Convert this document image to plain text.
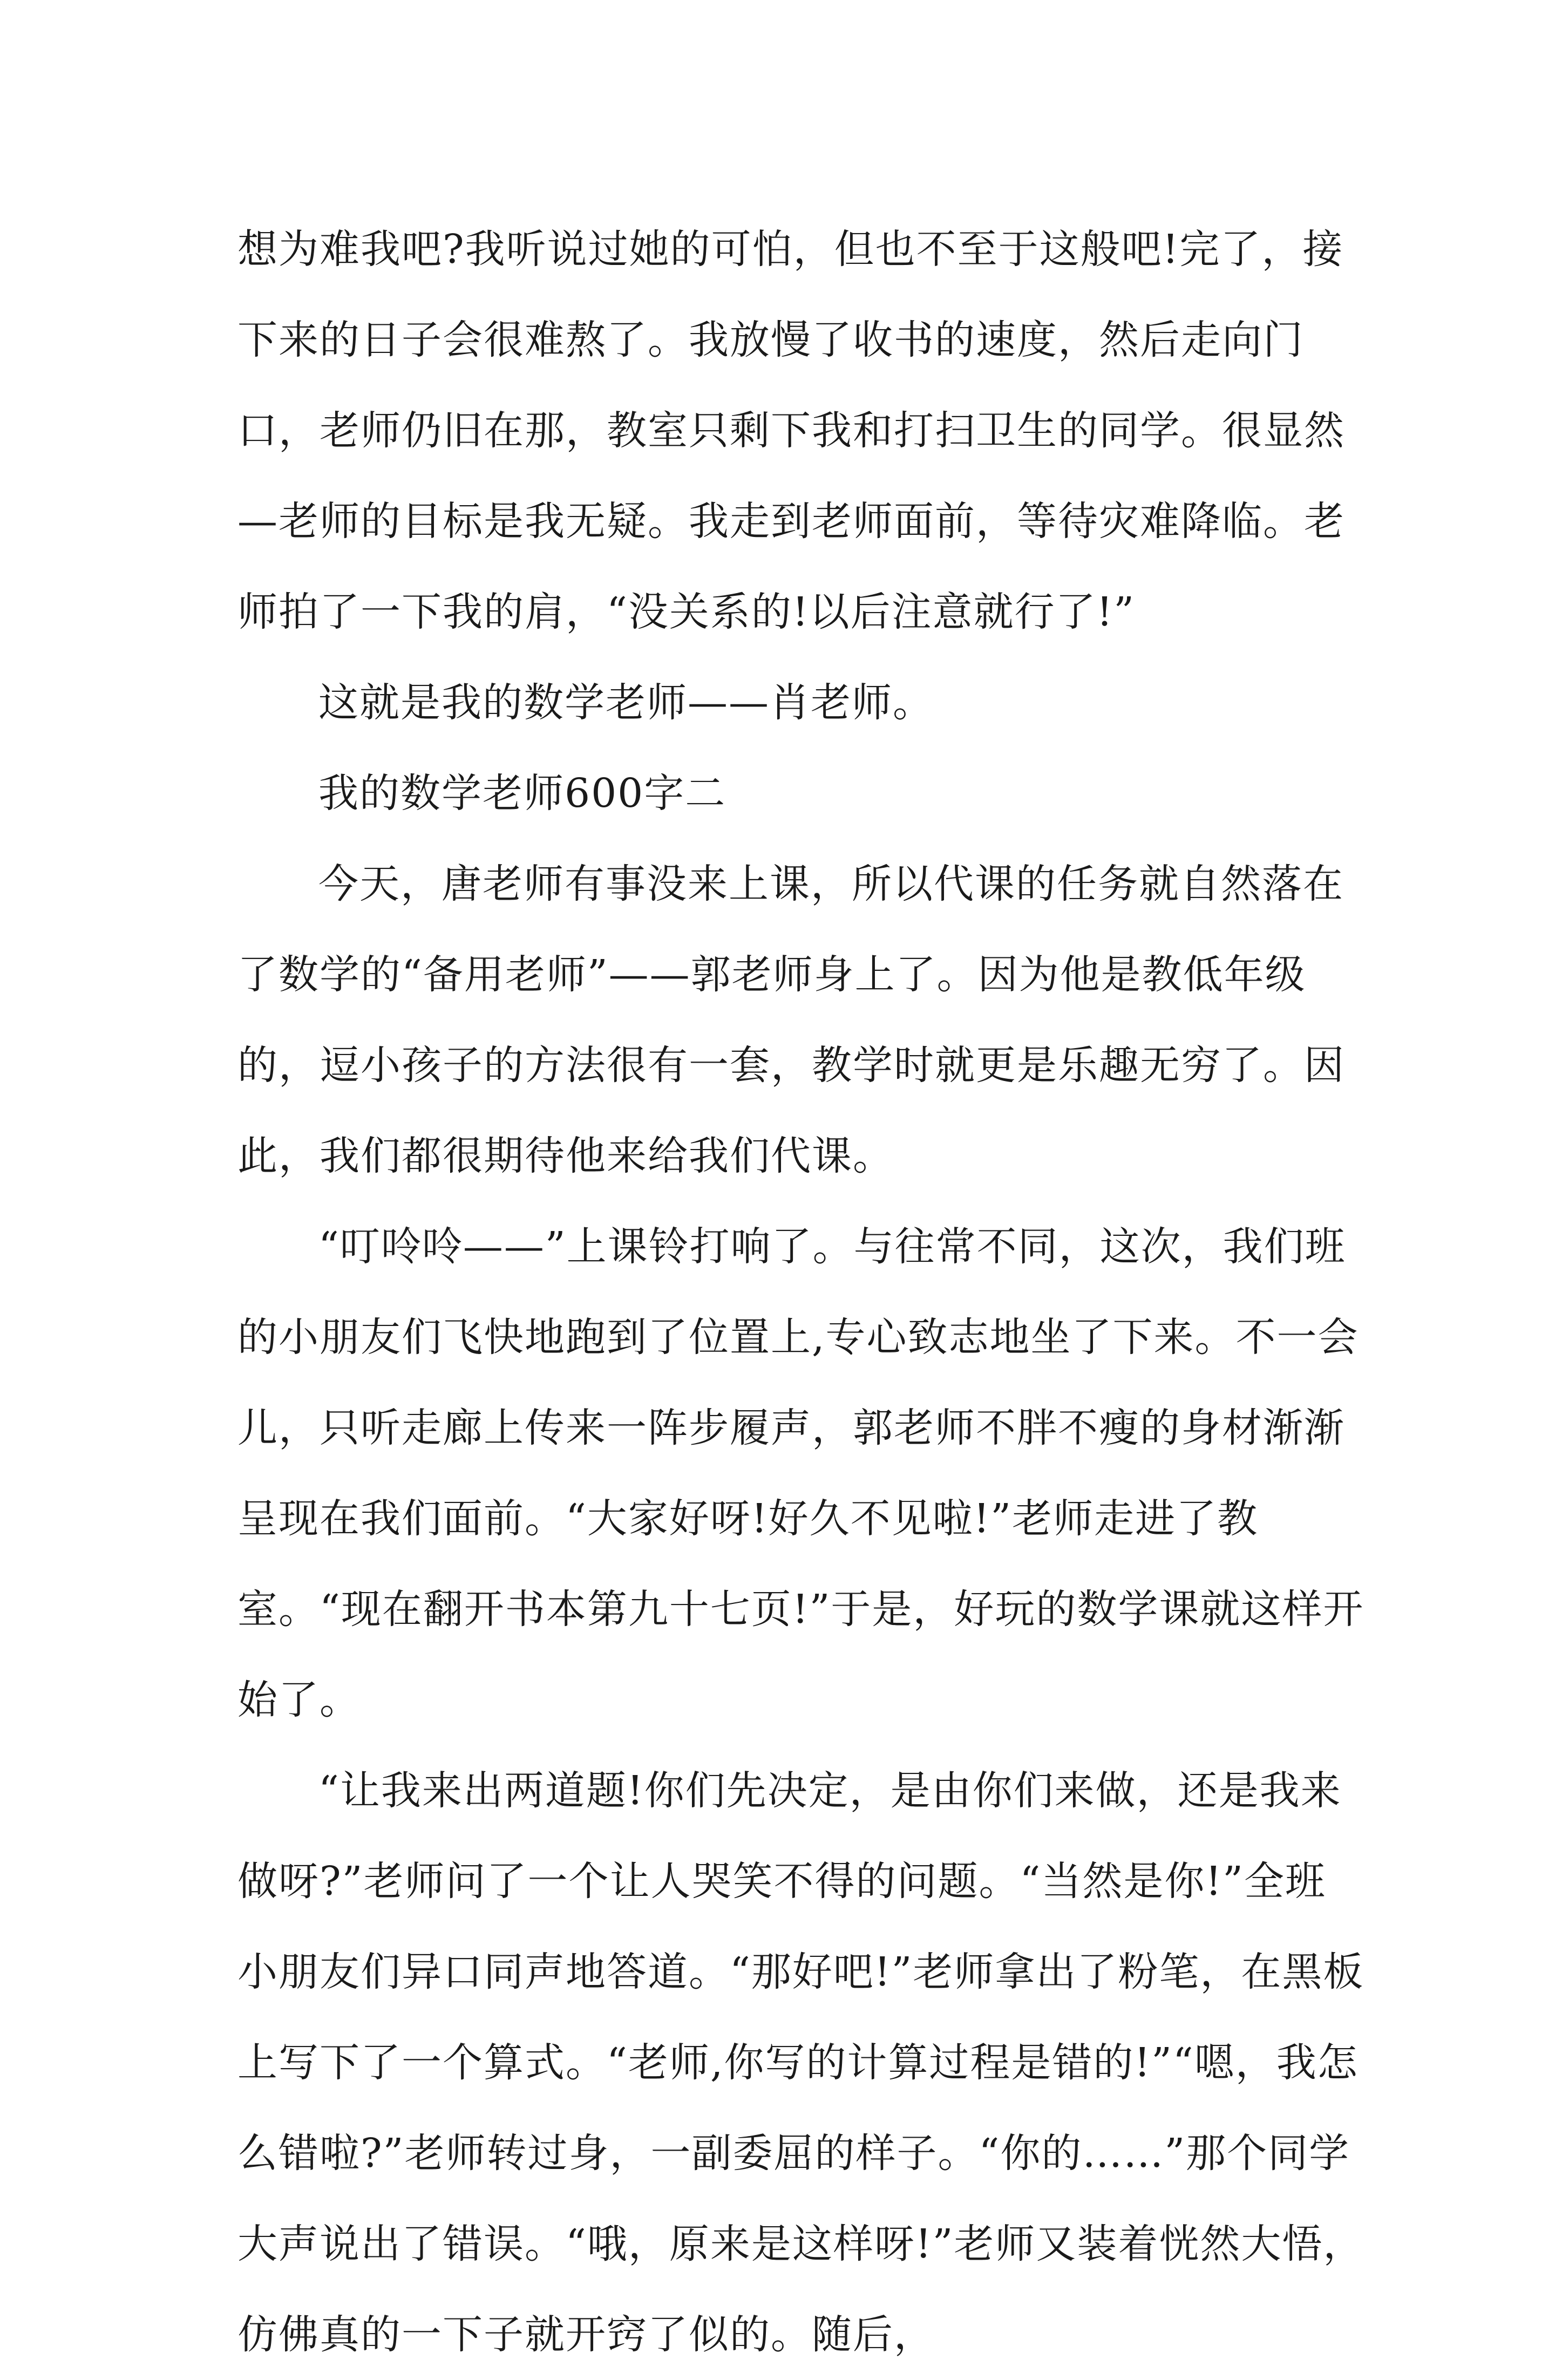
想为难我吧?我听说过她的可怕，但也不至于这般吧!完了，接下来的日子会很难熬了。我放慢了收书的速度，然后走向门口，老师仍旧在那，教室只剩下我和打扫卫生的同学。很显然—老师的目标是我无疑。我走到老师面前，等待灾难降临。老师拍了一下我的肩，“没关系的!以后注意就行了!”

这就是我的数学老师——肖老师。

我的数学老师600字二

今天，唐老师有事没来上课，所以代课的任务就自然落在了数学的“备用老师”——郭老师身上了。因为他是教低年级的，逗小孩子的方法很有一套，教学时就更是乐趣无穷了。因此，我们都很期待他来给我们代课。

“叮呤呤——”上课铃打响了。与往常不同，这次，我们班的小朋友们飞快地跑到了位置上,专心致志地坐了下来。不一会儿，只听走廊上传来一阵步履声，郭老师不胖不瘦的身材渐渐呈现在我们面前。“大家好呀!好久不见啦!”老师走进了教室。“现在翻开书本第九十七页!”于是，好玩的数学课就这样开始了。

“让我来出两道题!你们先决定，是由你们来做，还是我来做呀?”老师问了一个让人哭笑不得的问题。“当然是你!”全班小朋友们异口同声地答道。“那好吧!”老师拿出了粉笔，在黑板上写下了一个算式。“老师,你写的计算过程是错的!”“嗯，我怎么错啦?”老师转过身，一副委屈的样子。“你的……”那个同学大声说出了错误。“哦，原来是这样呀!”老师又装着恍然大悟，仿佛真的一下子就开窍了似的。随后，
